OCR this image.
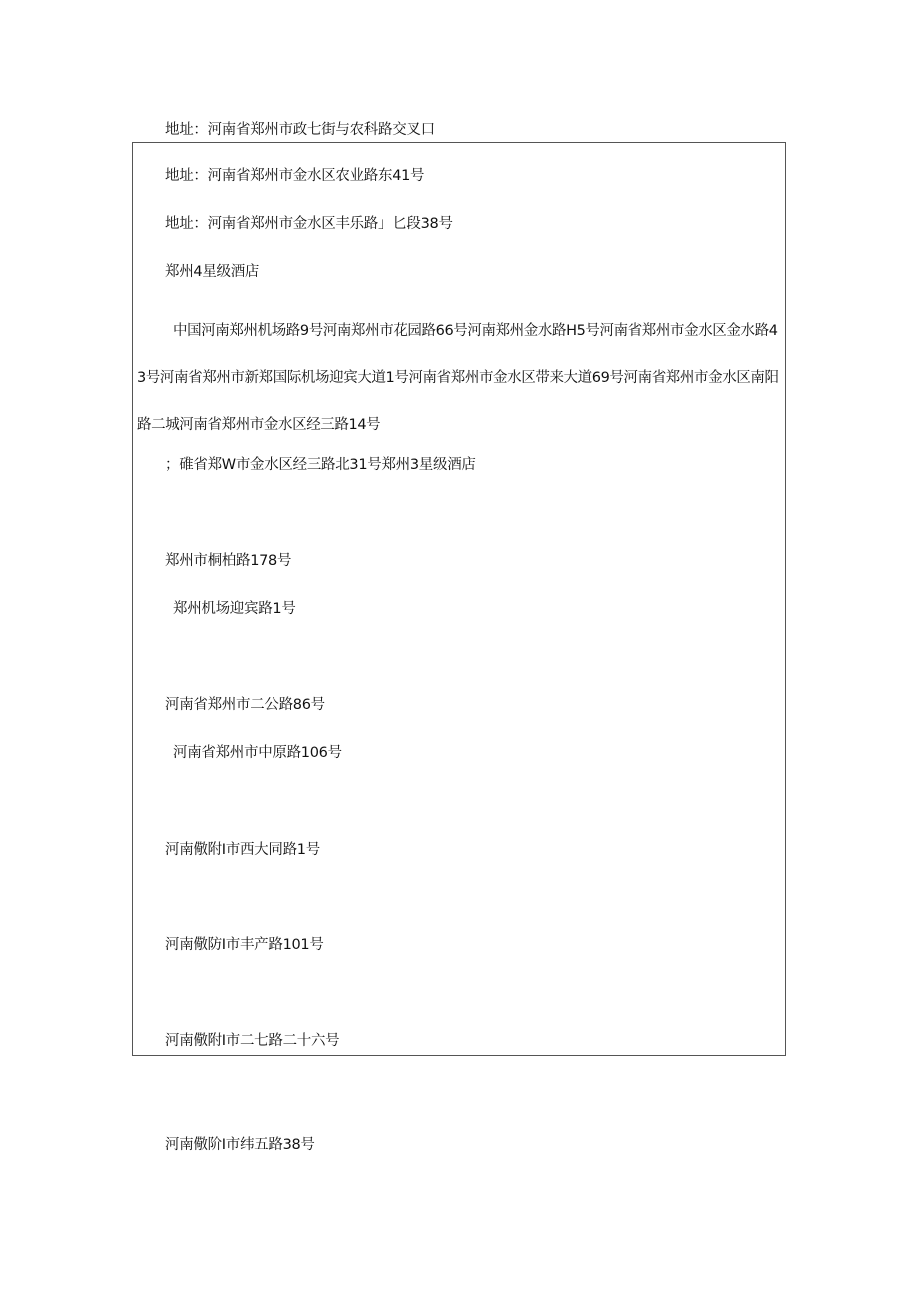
地址：河南省郑州市政七街与农科路交叉口
地址：河南省郑州市金水区农业路东41号
地址：河南省郑州市金水区丰乐路」匕段38号
郑州4星级酒店
中国河南郑州机场路9号河南郑州市花园路66号河南郑州金水路H5号河南省郑州市金水区金水路43号河南省郑州市新郑国际机场迎宾大道1号河南省郑州市金水区带来大道69号河南省郑州市金水区南阳路二城河南省郑州市金水区经三路14号
；碓省郑W市金水区经三路北31号郑州3星级酒店
郑州市桐柏路178号
郑州机场迎宾路1号
河南省郑州市二公路86号
河南省郑州市中原路106号
河南儆附I市西大同路1号
河南儆防I市丰产路101号
河南儆附I市二七路二十六号
河南儆阶I市纬五路38号
